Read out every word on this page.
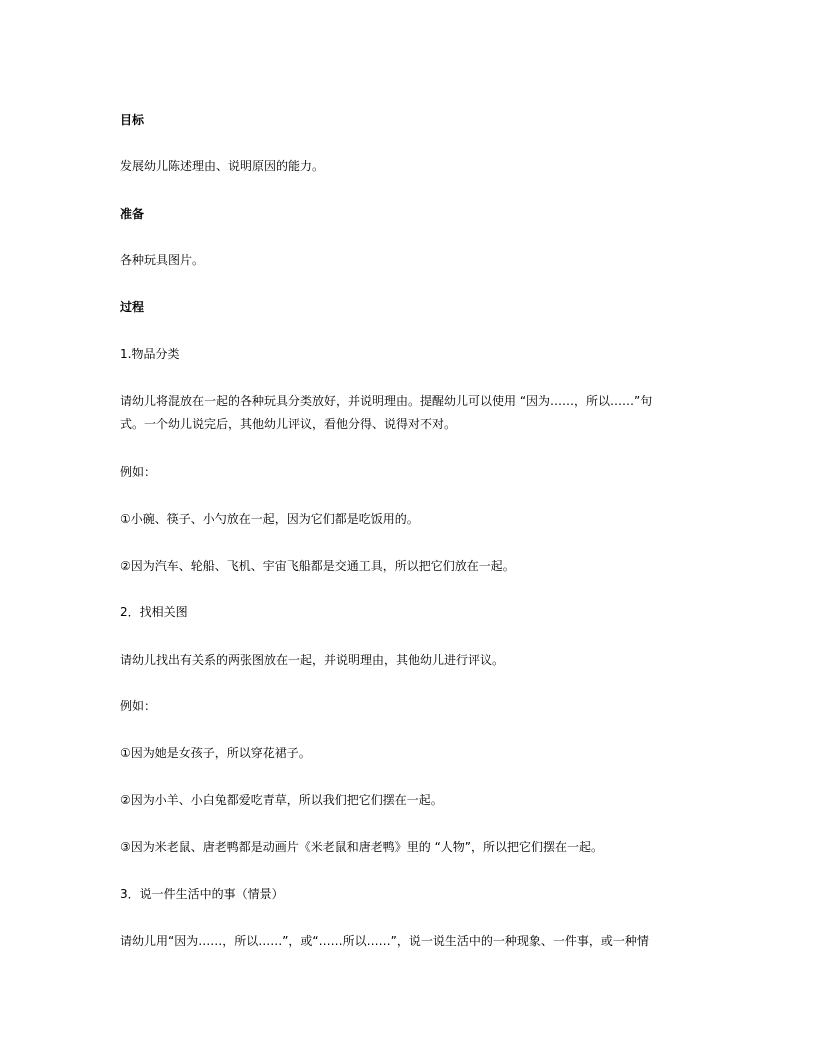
目标
发展幼儿陈述理由、说明原因的能力。
准备
各种玩具图片。
过程
1.物品分类
请幼儿将混放在一起的各种玩具分类放好，并说明理由。提醒幼儿可以使用 “因为……，所以……”句
式。一个幼儿说完后，其他幼儿评议，看他分得、说得对不对。
例如：
①小碗、筷子、小勺放在一起，因为它们都是吃饭用的。
②因为汽车、轮船、飞机、宇宙飞船都是交通工具，所以把它们放在一起。
2．找相关图
请幼儿找出有关系的两张图放在一起，并说明理由，其他幼儿进行评议。
例如：
①因为她是女孩子，所以穿花裙子。
②因为小羊、小白兔都爱吃青草，所以我们把它们摆在一起。
③因为米老鼠、唐老鸭都是动画片《米老鼠和唐老鸭》里的 “人物”，所以把它们摆在一起。
3．说一件生活中的事（情景）
请幼儿用“因为……，所以……”，或“……所以……”，说一说生活中的一种现象、一件事，或一种情
